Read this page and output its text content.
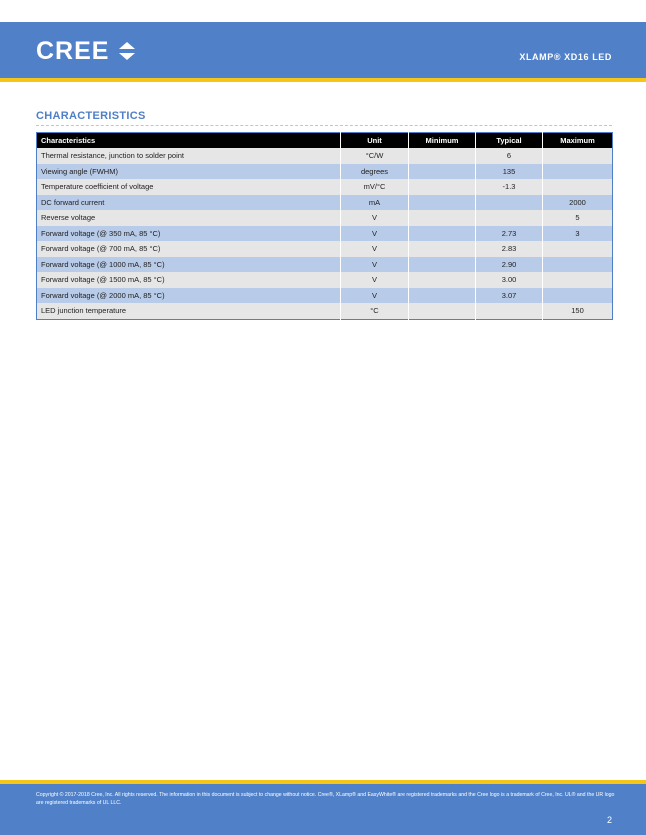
CREE	XLAMP® XD16 LED
CHARACTERISTICS
Characteristics	Unit	Minimum	Typical	Maximum
Thermal resistance, junction to solder point	°C/W		6	
Viewing angle (FWHM)	degrees		135	
Temperature coefficient of voltage	mV/°C		-1.3	
DC forward current	mA			2000
Reverse voltage	V			5
Forward voltage (@ 350 mA, 85 °C)	V		2.73	3
Forward voltage (@ 700 mA, 85 °C)	V		2.83	
Forward voltage (@ 1000 mA, 85 °C)	V		2.90	
Forward voltage (@ 1500 mA, 85 °C)	V		3.00	
Forward voltage (@ 2000 mA, 85 °C)	V		3.07	
LED junction temperature	°C			150
Copyright © 2017-2018 Cree, Inc. All rights reserved. The information in this document is subject to change without notice. Cree®, XLamp® and EasyWhite® are registered trademarks and the Cree logo is a trademark of Cree, Inc. UL® and the UR logo are registered trademarks of UL LLC.
2
